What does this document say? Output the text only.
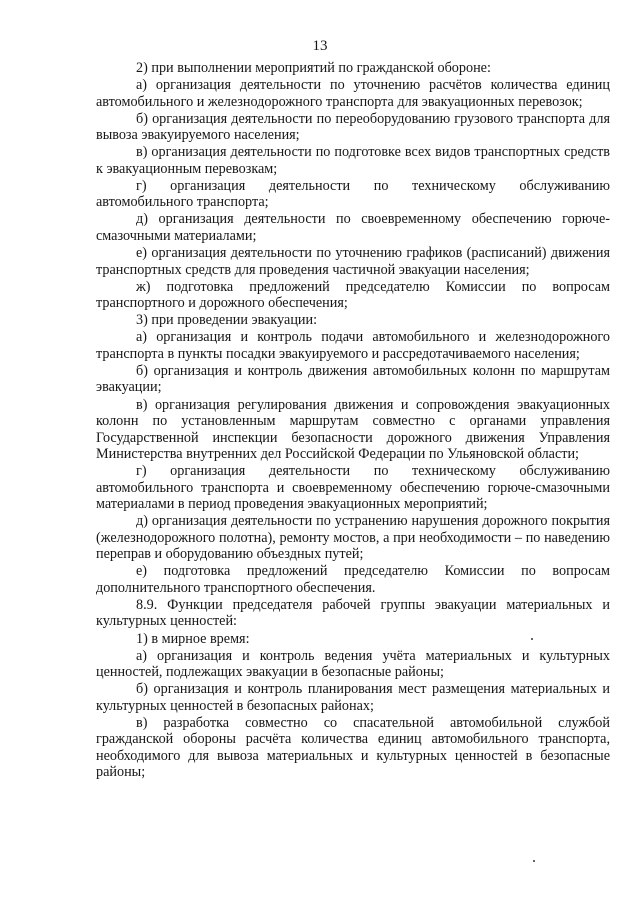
13

2) при выполнении мероприятий по гражданской обороне:

а) организация деятельности по уточнению расчётов количества единиц автомобильного и железнодорожного транспорта для эвакуационных перевозок;

б) организация деятельности по переоборудованию грузового транспорта для вывоза эвакуируемого населения;

в) организация деятельности по подготовке всех видов транспортных средств к эвакуационным перевозкам;

г) организация деятельности по техническому обслуживанию автомобильного транспорта;

д) организация деятельности по своевременному обеспечению горюче-смазочными материалами;

е) организация деятельности по уточнению графиков (расписаний) движения транспортных средств для проведения частичной эвакуации населения;

ж) подготовка предложений председателю Комиссии по вопросам транспортного и дорожного обеспечения;

3) при проведении эвакуации:

а) организация и контроль подачи автомобильного и железнодорожного транспорта в пункты посадки эвакуируемого и рассредотачиваемого населения;

б) организация и контроль движения автомобильных колонн по маршрутам эвакуации;

в) организация регулирования движения и сопровождения эвакуационных колонн по установленным маршрутам совместно с органами управления Государственной инспекции безопасности дорожного движения Управления Министерства внутренних дел Российской Федерации по Ульяновской области;

г) организация деятельности по техническому обслуживанию автомобильного транспорта и своевременному обеспечению горюче-смазочными материалами в период проведения эвакуационных мероприятий;

д) организация деятельности по устранению нарушения дорожного покрытия (железнодорожного полотна), ремонту мостов, а при необходимости – по наведению переправ и оборудованию объездных путей;

е) подготовка предложений председателю Комиссии по вопросам дополнительного транспортного обеспечения.

8.9. Функции председателя рабочей группы эвакуации материальных и культурных ценностей:

1) в мирное время:

а) организация и контроль ведения учёта материальных и культурных ценностей, подлежащих эвакуации в безопасные районы;

б) организация и контроль планирования мест размещения материальных и культурных ценностей в безопасных районах;

в) разработка совместно со спасательной автомобильной службой гражданской обороны расчёта количества единиц автомобильного транспорта, необходимого для вывоза материальных и культурных ценностей в безопасные районы;
